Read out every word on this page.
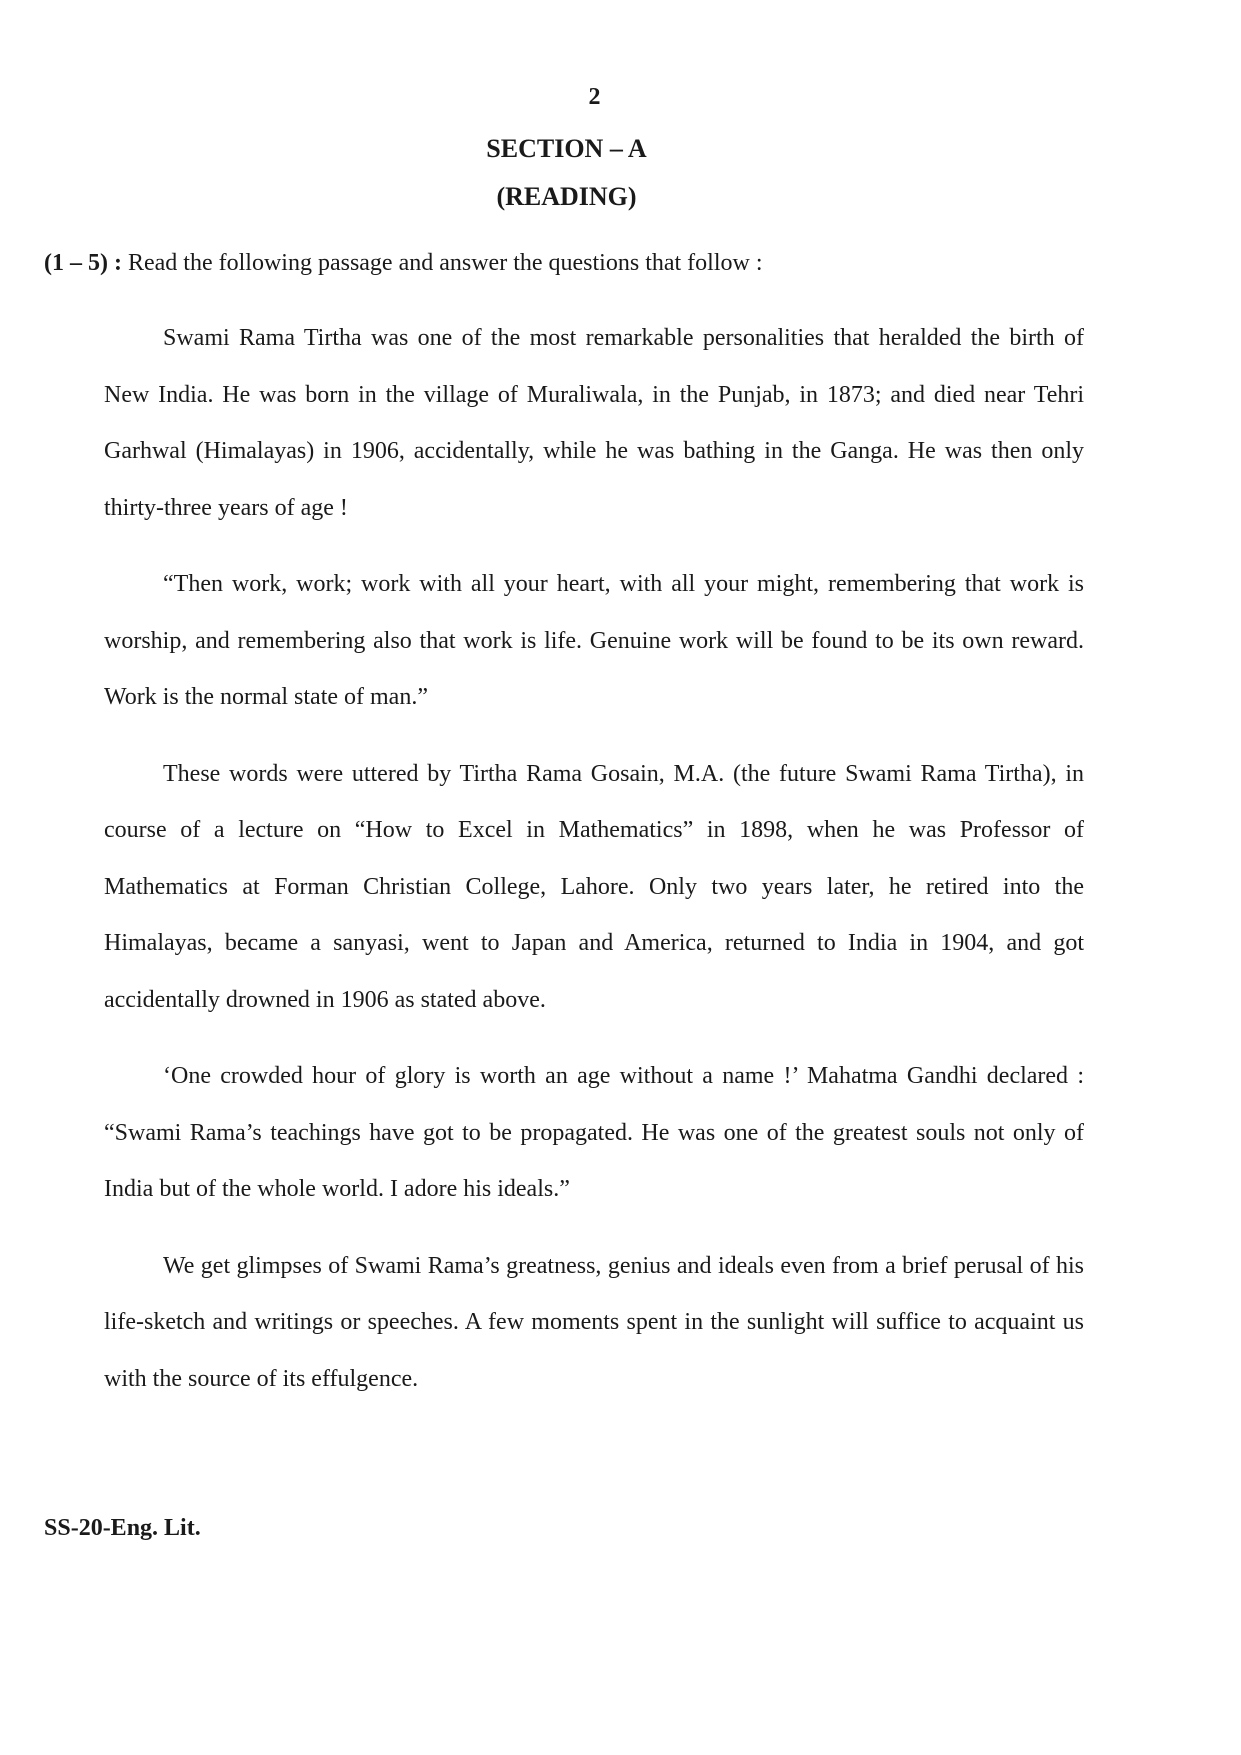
2
SECTION – A
(READING)
(1 – 5) : Read the following passage and answer the questions that follow :

Swami Rama Tirtha was one of the most remarkable personalities that heralded the birth of New India. He was born in the village of Muraliwala, in the Punjab, in 1873; and died near Tehri Garhwal (Himalayas) in 1906, accidentally, while he was bathing in the Ganga. He was then only thirty-three years of age !

“Then work, work; work with all your heart, with all your might, remembering that work is worship, and remembering also that work is life. Genuine work will be found to be its own reward. Work is the normal state of man.”

These words were uttered by Tirtha Rama Gosain, M.A. (the future Swami Rama Tirtha), in course of a lecture on “How to Excel in Mathematics” in 1898, when he was Professor of Mathematics at Forman Christian College, Lahore. Only two years later, he retired into the Himalayas, became a sanyasi, went to Japan and America, returned to India in 1904, and got accidentally drowned in 1906 as stated above.

‘One crowded hour of glory is worth an age without a name !’ Mahatma Gandhi declared : “Swami Rama’s teachings have got to be propagated. He was one of the greatest souls not only of India but of the whole world. I adore his ideals.”

We get glimpses of Swami Rama’s greatness, genius and ideals even from a brief perusal of his life-sketch and writings or speeches. A few moments spent in the sunlight will suffice to acquaint us with the source of its effulgence.

SS-20-Eng. Lit.
